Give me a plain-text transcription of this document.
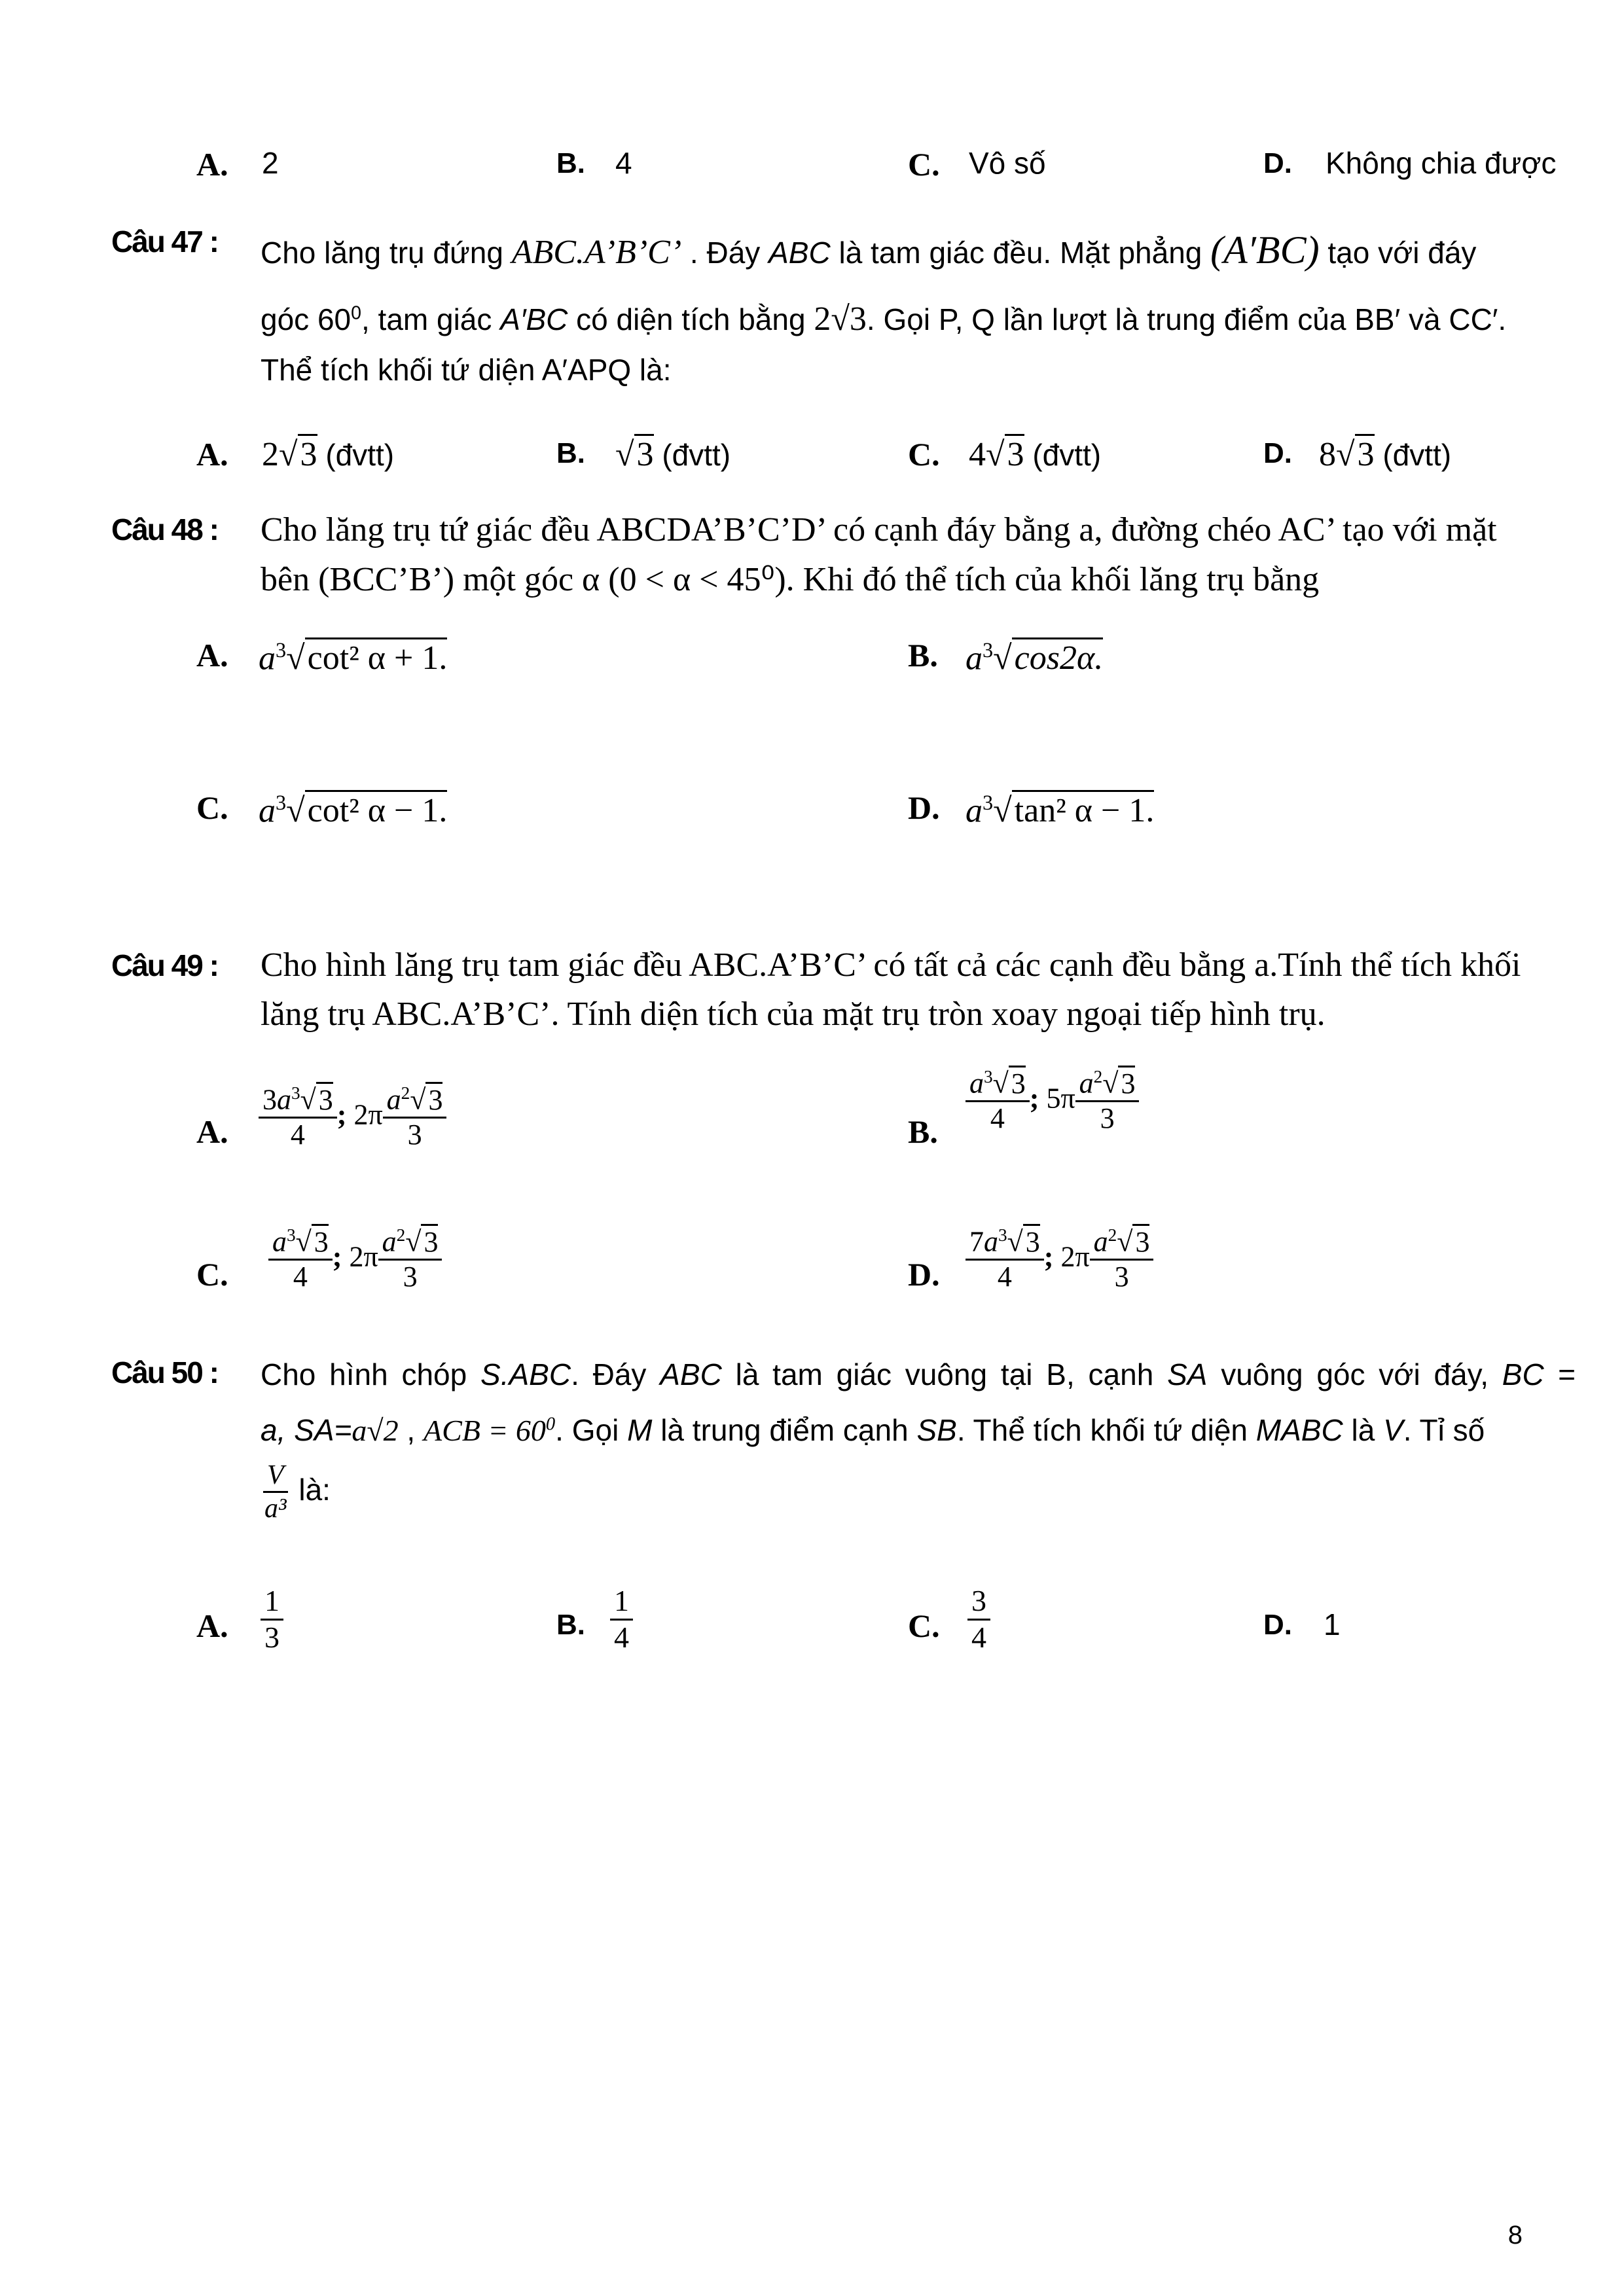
A. 2	B. 4	C. Vô số	D. Không chia được
Câu 47 : Cho lăng trụ đứng ABC.A’B’C’ . Đáy ABC là tam giác đều. Mặt phẳng (A′BC) tạo với đáy
góc $60^0$, tam giác A′BC có diện tích bằng 2√3. Gọi P, Q lần lượt là trung điểm của BB′ và CC′.
Thể tích khối tứ diện A′APQ là:
A. 2√ 3 (đvtt)	B.
√	3 (đvtt)	C. 4√ 3 (đvtt)	D. 8√ 3 (đvtt)
Câu 48 : Cho lăng trụ tứ giác đều ABCDA’B’C’D’ có cạnh đáy bằng a, đường chéo AC’ tạo với mặt
bên (BCC’B’) một góc α (0 < α < 45⁰). Khi đó thể tích của khối lăng trụ bằng
A. $a^3√$ cot² α + 1.	B. $a^3√$ cos2α.
C. $a^3√$ cot² α − 1.	D. $a^3√$ tan² α − 1.
Câu 49 : Cho hình lăng trụ tam giác đều ABC.A’B’C’ có tất cả các cạnh đều bằng a.Tính thể tích khối
lăng trụ ABC.A’B’C’. Tính diện tích của mặt trụ tròn xoay ngoại tiếp hình trụ.
A. $\frac{3a^3√3}{4}$ ; $2\pi \frac{a^2√3}{3}$	B. $\frac{a^3√3}{4}$ ; $5\pi \frac{a^2√3}{3}$
C. $\frac{a^3√3}{4}$ ; $2\pi \frac{a^2√3}{3}$	D. $\frac{7a^3√3}{4}$ ; $2\pi \frac{a^2√3}{3}$
Câu 50 : Cho hình chóp S.ABC. Đáy ABC là tam giác vuông tại B, cạnh SA vuông góc với đáy, BC =
a, SA=a√2 , ACB = $60^0$. Gọi M là trung điểm cạnh SB. Thể tích khối tứ diện MABC là V. Tỉ số
$\frac{V}{\text{a³}}$ là:
A. $\frac{1}{3}$	B. $\frac{1}{4}$	C. $\frac{3}{4}$	D. 1
8
